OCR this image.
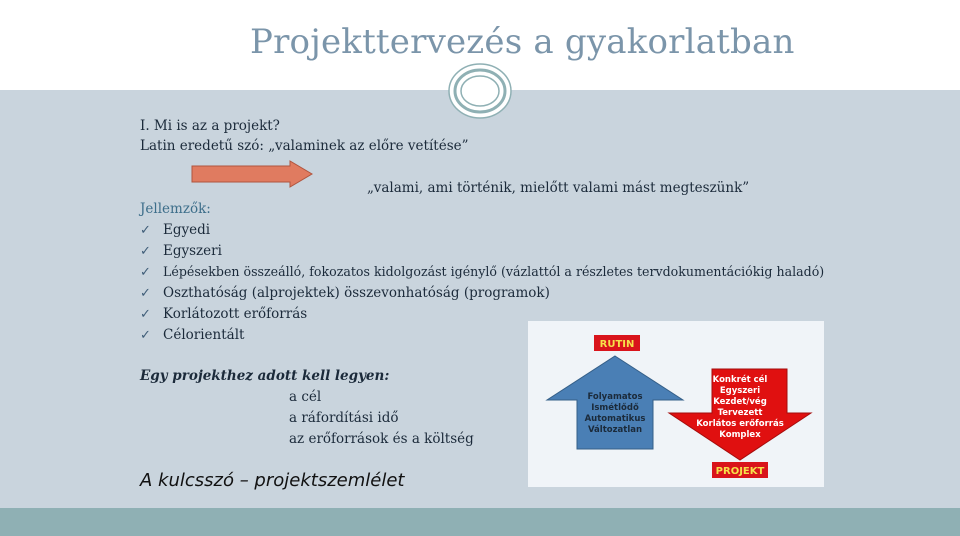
Projekttervezés a gyakorlatban
I. Mi is az a projekt?
Latin eredetű szó: „valaminek az előre vetítése”
„valami, ami történik, mielőtt valami mást megteszünk”
Jellemzők:
✓ Egyedi
✓ Egyszeri
✓ Lépésekben összeálló, fokozatos kidolgozást igénylő (vázlattól a részletes tervdokumentációkig haladó)
✓ Oszthatóság (alprojektek) összevonhatóság (programok)
✓ Korlátozott erőforrás
✓ Célorientált
Egy projekthez adott kell legyen:
a cél
a ráfordítási idő
az erőforrások és a költség
A kulcsszó – projektszemlélet
RUTIN
Folyamatos
Ismétlődő
Automatikus
Változatlan
Konkrét cél
Egyszeri
Kezdet/vég
Tervezett
Korlátos erőforrás
Komplex
PROJEKT
